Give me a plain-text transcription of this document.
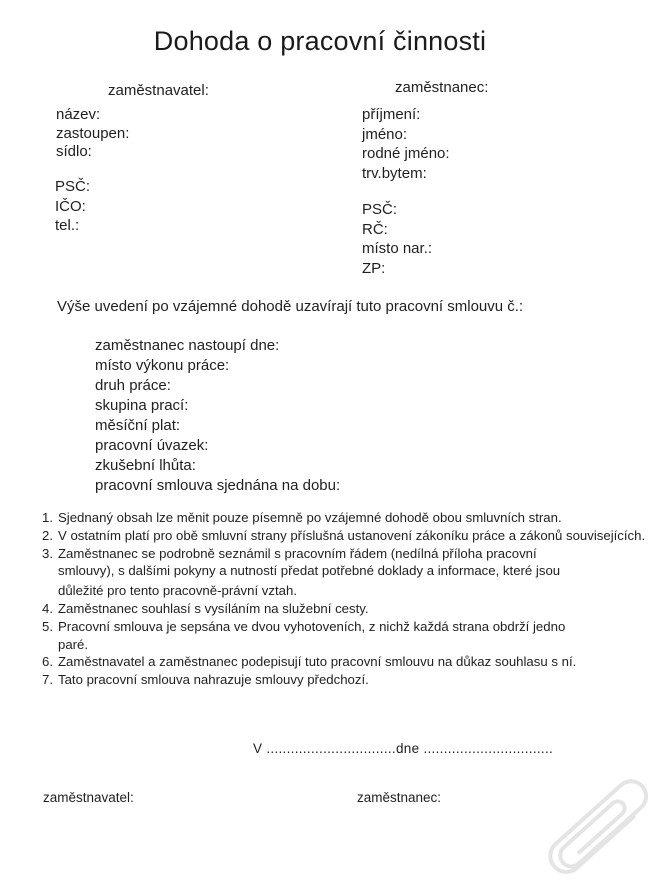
Dohoda o pracovní činnosti
zaměstnavatel:	zaměstnanec:
název:
zastoupen:
sídlo:
PSČ:
IČO:
tel.:
příjmení:
jméno:
rodné jméno:
trv.bytem:
PSČ:
RČ:
místo nar.:
ZP:
Výše uvedení po vzájemné dohodě uzavírají tuto pracovní smlouvu č.:
zaměstnanec nastoupí dne:
místo výkonu práce:
druh práce:
skupina prací:
měsíční plat:
pracovní úvazek:
zkušební lhůta:
pracovní smlouva sjednána na dobu:
1. Sjednaný obsah lze měnit pouze písemně po vzájemné dohodě obou smluvních stran.
2. V ostatním platí pro obě smluvní strany příslušná ustanovení zákoníku práce a zákonů souvisejících.
3. Zaměstnanec se podrobně seznámil s pracovním řádem (nedílná příloha pracovní
smlouvy), s dalšími pokyny a nutností předat potřebné doklady a informace, které jsou
důležité pro tento pracovně-právní vztah.
4. Zaměstnanec souhlasí s vysíláním na služební cesty.
5. Pracovní smlouva je sepsána ve dvou vyhotoveních, z nichž každá strana obdrží jedno
paré.
6. Zaměstnavatel a zaměstnanec podepisují tuto pracovní smlouvu na důkaz souhlasu s ní.
7. Tato pracovní smlouva nahrazuje smlouvy předchozí.
V ................................dne ................................
zaměstnavatel:	zaměstnanec:
